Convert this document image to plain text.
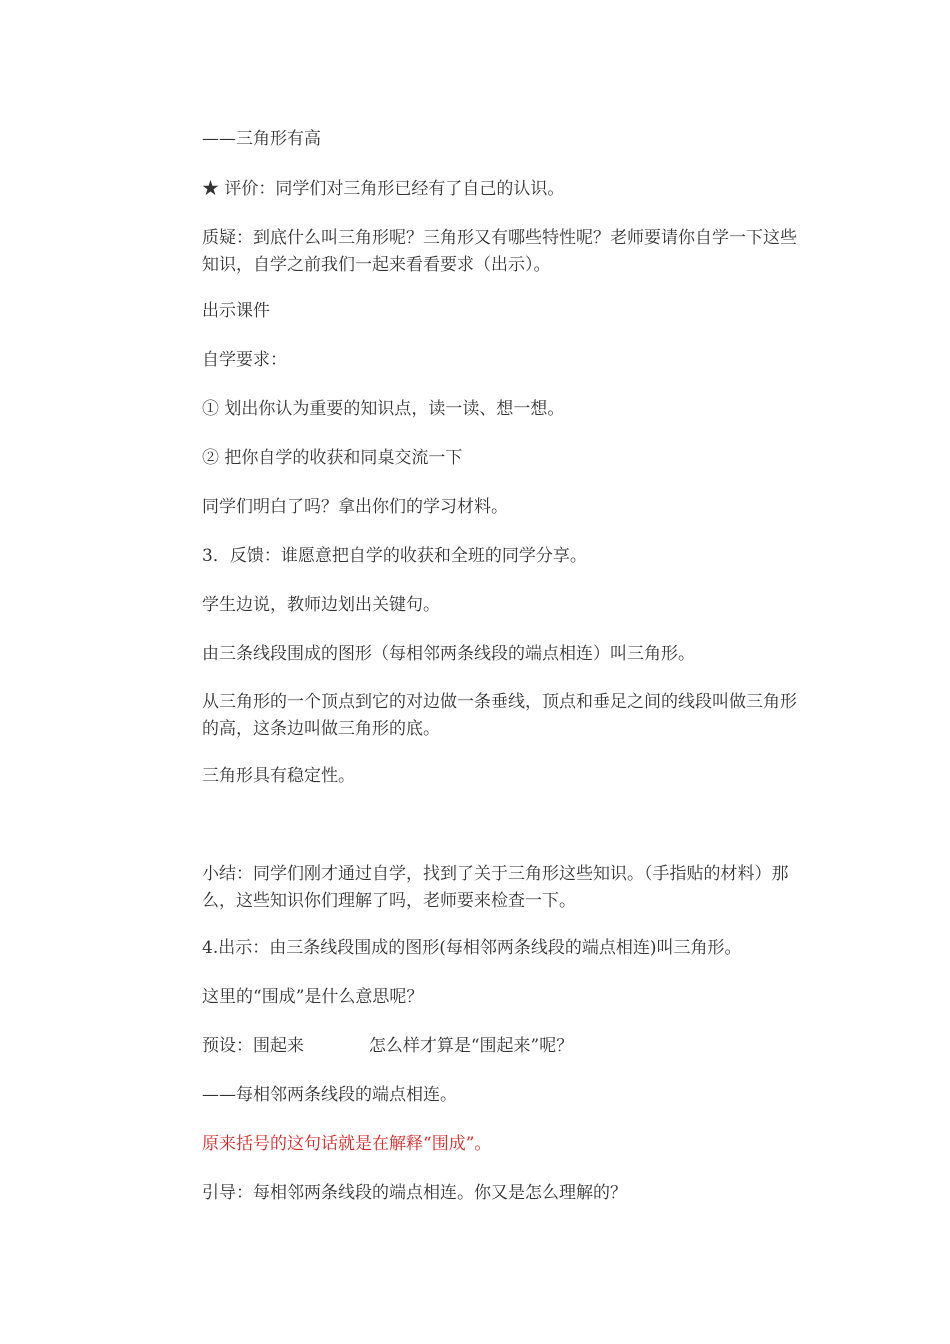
——三角形有高

★ 评价：同学们对三角形已经有了自己的认识。

质疑：到底什么叫三角形呢？三角形又有哪些特性呢？老师要请你自学一下这些知识，自学之前我们一起来看看要求（出示）。

出示课件

自学要求：

① 划出你认为重要的知识点，读一读、想一想。

② 把你自学的收获和同桌交流一下

同学们明白了吗？拿出你们的学习材料。

3．反馈：谁愿意把自学的收获和全班的同学分享。

学生边说，教师边划出关键句。

由三条线段围成的图形（每相邻两条线段的端点相连）叫三角形。

从三角形的一个顶点到它的对边做一条垂线，顶点和垂足之间的线段叫做三角形的高，这条边叫做三角形的底。

三角形具有稳定性。

小结：同学们刚才通过自学，找到了关于三角形这些知识。（手指贴的材料）那么，这些知识你们理解了吗，老师要来检查一下。

4.出示：由三条线段围成的图形(每相邻两条线段的端点相连)叫三角形。

这里的“围成”是什么意思呢？

预设：围起来            怎么样才算是“围起来”呢？

——每相邻两条线段的端点相连。

原来括号的这句话就是在解释“围成”。

引导：每相邻两条线段的端点相连。你又是怎么理解的？
